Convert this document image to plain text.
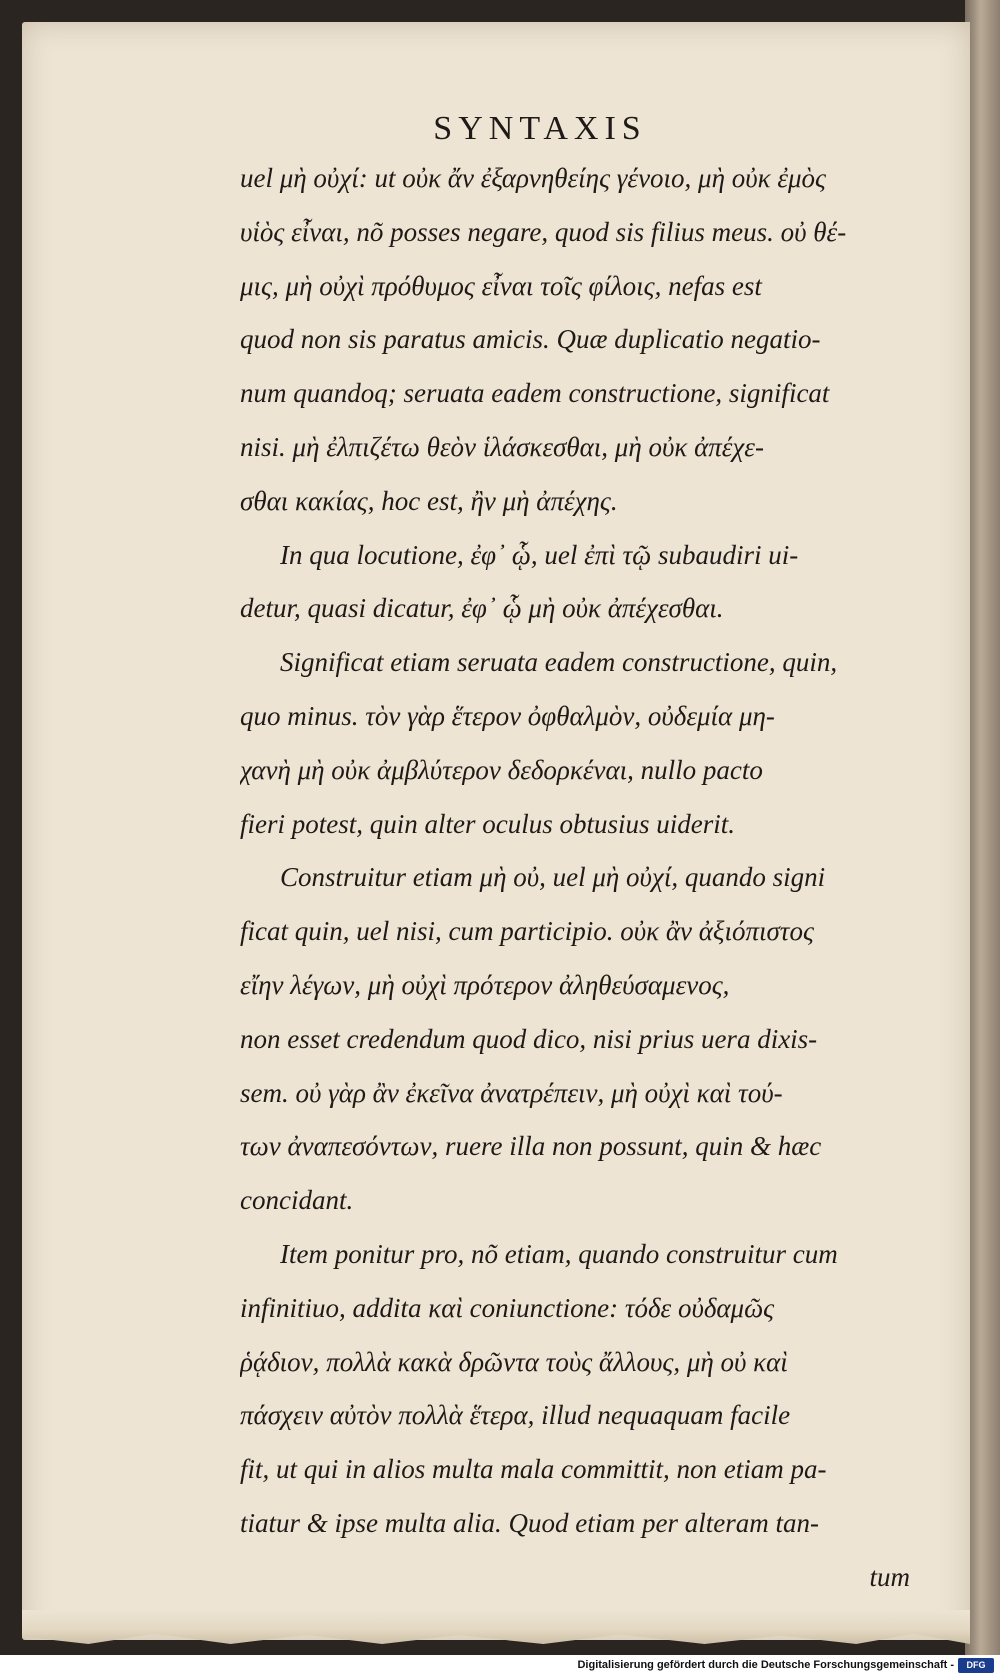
SYNTAXIS
uel μὴ οὐχί: ut οὐκ ἄν ἐξαρνηθείης γένοιο, μὴ οὐκ ἐμὸς
υἱὸς εἶναι, nõ posses negare, quod sis filius meus. οὐ θέ-
μις, μὴ οὐχὶ πρόθυμος εἶναι τοῖς φίλοις, nefas est
quod non sis paratus amicis. Quæ duplicatio negatio-
num quandoq; seruata eadem constructione, significat
nisi. μὴ ἐλπιζέτω θεὸν ἱλάσκεσθαι, μὴ οὐκ ἀπέχε-
σθαι κακίας, hoc est, ἢν μὴ ἀπέχης.
In qua locutione, ἐφ᾽ ᾧ, uel ἐπὶ τῷ subaudiri ui-
detur, quasi dicatur, ἐφ᾽ ᾧ μὴ οὐκ ἀπέχεσθαι.
Significat etiam seruata eadem constructione, quin,
quo minus. τὸν γὰρ ἕτερον ὀφθαλμὸν, οὐδεμία μη-
χανὴ μὴ οὐκ ἀμβλύτερον δεδορκέναι, nullo pacto
fieri potest, quin alter oculus obtusius uiderit.
Construitur etiam μὴ οὐ, uel μὴ οὐχί, quando signi
ficat quin, uel nisi, cum participio. οὐκ ἂν ἀξιόπιστος
εἴην λέγων, μὴ οὐχὶ πρότερον ἀληθεύσαμενος,
non esset credendum quod dico, nisi prius uera dixis-
sem. οὐ γὰρ ἂν ἐκεῖνα ἀνατρέπειν, μὴ οὐχὶ καὶ τού-
των ἀναπεσόντων, ruere illa non possunt, quin & hæc
concidant.
Item ponitur pro, nõ etiam, quando construitur cum
infinitiuo, addita καὶ coniunctione: τόδε οὐδαμῶς
ῥᾴδιον, πολλὰ κακὰ δρῶντα τοὺς ἄλλους, μὴ οὐ καὶ
πάσχειν αὐτὸν πολλὰ ἕτερα, illud nequaquam facile
fit, ut qui in alios multa mala committit, non etiam pa-
tiatur & ipse multa alia. Quod etiam per alteram tan-
tum
Digitalisierung gefördert durch die Deutsche Forschungsgemeinschaft -	DFG
